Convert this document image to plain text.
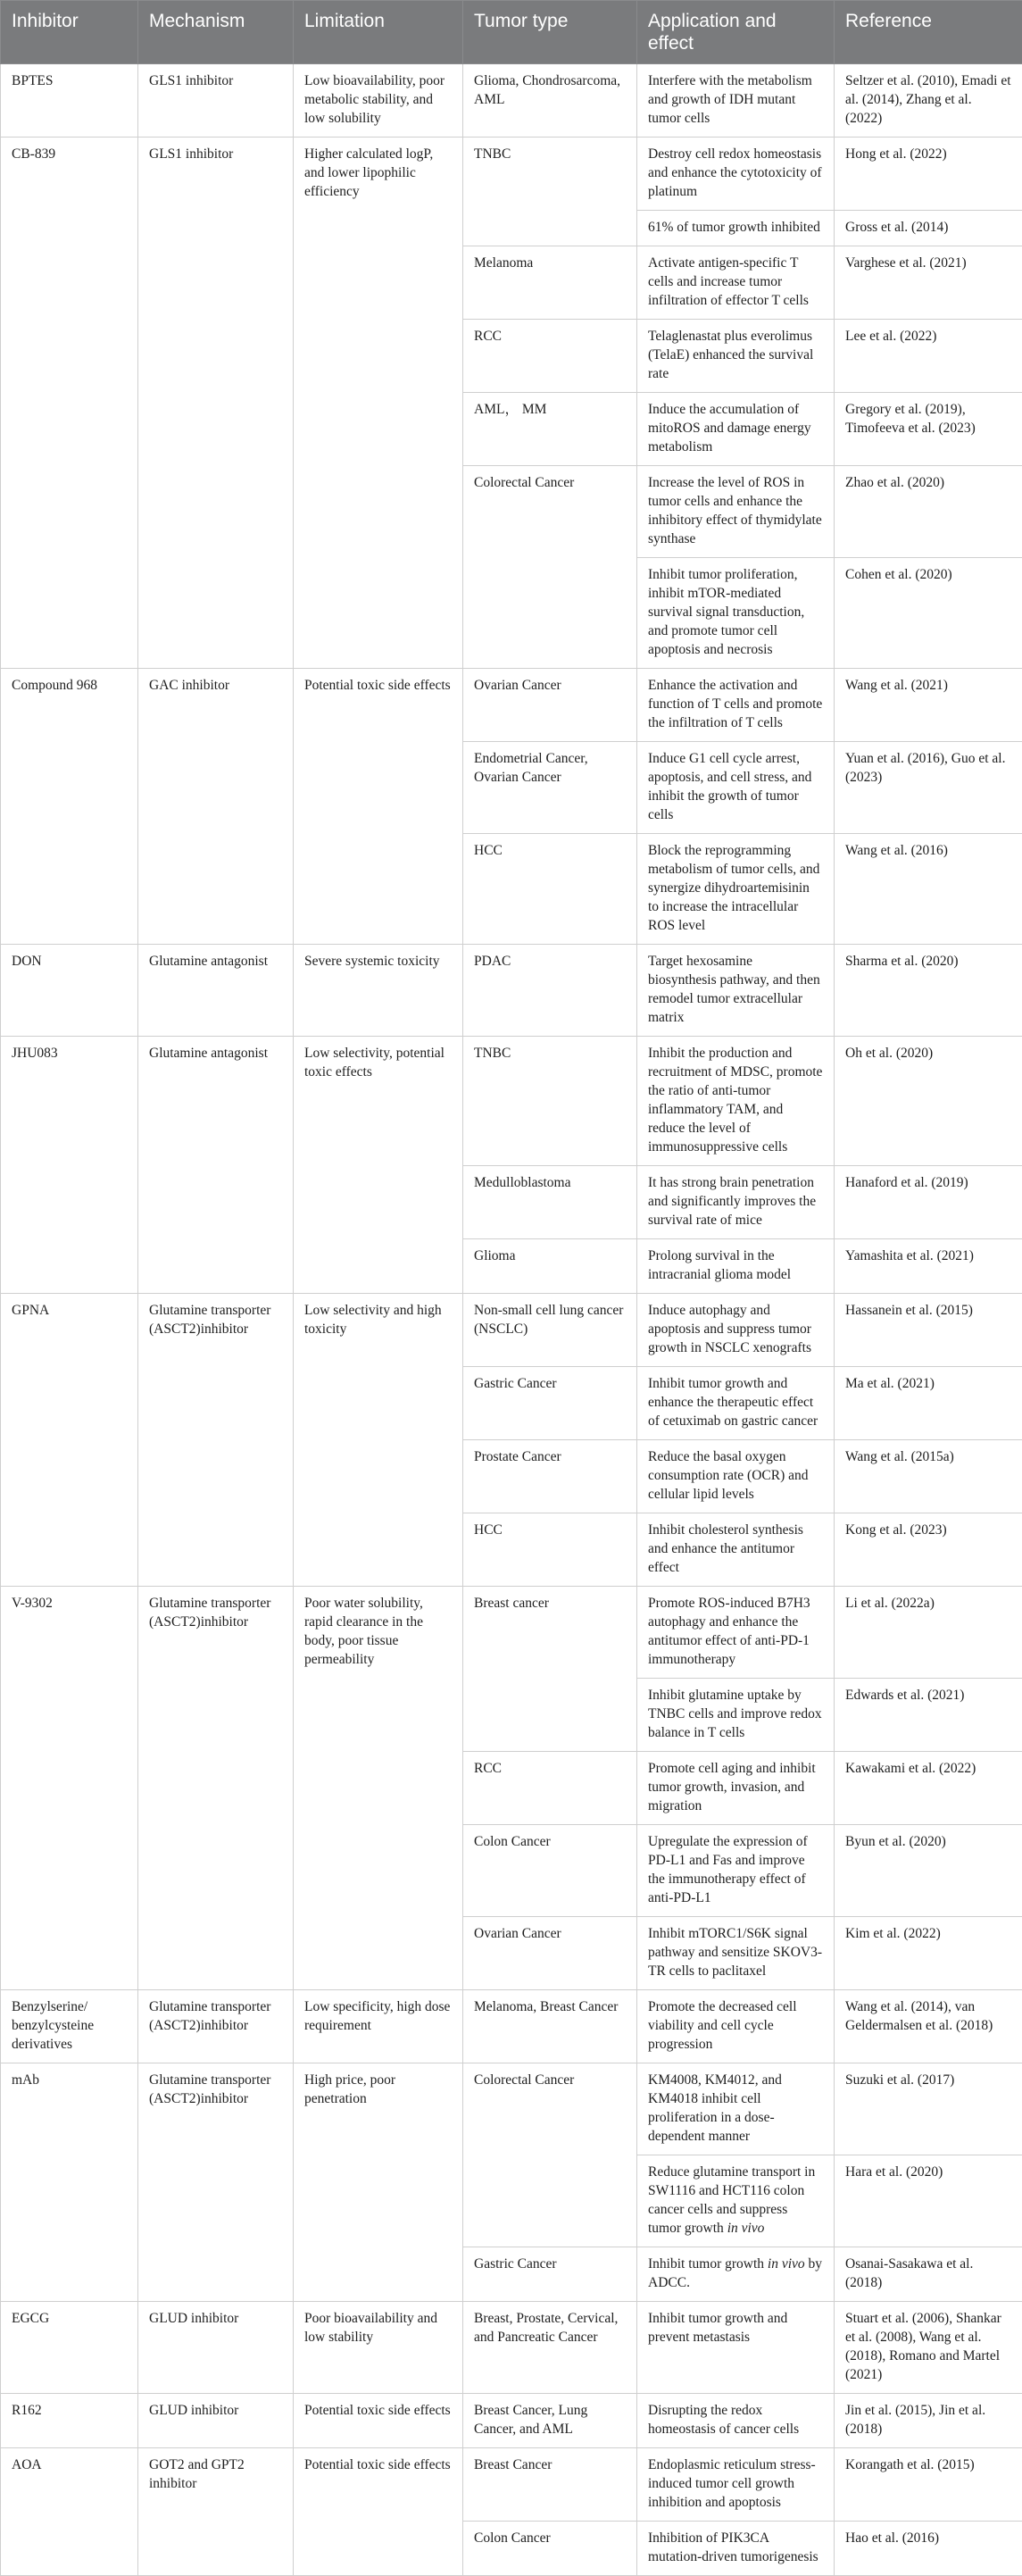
Inhibitor	Mechanism	Limitation	Tumor type	Application and effect	Reference
BPTES	GLS1 inhibitor	Low bioavailability, poor metabolic stability, and low solubility	Glioma, Chondrosarcoma, AML	Interfere with the metabolism and growth of IDH mutant tumor cells	Seltzer et al. (2010), Emadi et al. (2014), Zhang et al. (2022)
CB-839	GLS1 inhibitor	Higher calculated logP, and lower lipophilic efficiency	TNBC	Destroy cell redox homeostasis and enhance the cytotoxicity of platinum	Hong et al. (2022)
				61% of tumor growth inhibited	Gross et al. (2014)
			Melanoma	Activate antigen-specific T cells and increase tumor infiltration of effector T cells	Varghese et al. (2021)
			RCC	Telaglenastat plus everolimus (TelaE) enhanced the survival rate	Lee et al. (2022)
			AML， MM	Induce the accumulation of mitoROS and damage energy metabolism	Gregory et al. (2019), Timofeeva et al. (2023)
			Colorectal Cancer	Increase the level of ROS in tumor cells and enhance the inhibitory effect of thymidylate synthase	Zhao et al. (2020)
				Inhibit tumor proliferation, inhibit mTOR-mediated survival signal transduction, and promote tumor cell apoptosis and necrosis	Cohen et al. (2020)
Compound 968	GAC inhibitor	Potential toxic side effects	Ovarian Cancer	Enhance the activation and function of T cells and promote the infiltration of T cells	Wang et al. (2021)
			Endometrial Cancer, Ovarian Cancer	Induce G1 cell cycle arrest, apoptosis, and cell stress, and inhibit the growth of tumor cells	Yuan et al. (2016), Guo et al. (2023)
			HCC	Block the reprogramming metabolism of tumor cells, and synergize dihydroartemisinin to increase the intracellular ROS level	Wang et al. (2016)
DON	Glutamine antagonist	Severe systemic toxicity	PDAC	Target hexosamine biosynthesis pathway, and then remodel tumor extracellular matrix	Sharma et al. (2020)
JHU083	Glutamine antagonist	Low selectivity, potential toxic effects	TNBC	Inhibit the production and recruitment of MDSC, promote the ratio of anti-tumor inflammatory TAM, and reduce the level of immunosuppressive cells	Oh et al. (2020)
			Medulloblastoma	It has strong brain penetration and significantly improves the survival rate of mice	Hanaford et al. (2019)
			Glioma	Prolong survival in the intracranial glioma model	Yamashita et al. (2021)
GPNA	Glutamine transporter (ASCT2)inhibitor	Low selectivity and high toxicity	Non-small cell lung cancer (NSCLC)	Induce autophagy and apoptosis and suppress tumor growth in NSCLC xenografts	Hassanein et al. (2015)
			Gastric Cancer	Inhibit tumor growth and enhance the therapeutic effect of cetuximab on gastric cancer	Ma et al. (2021)
			Prostate Cancer	Reduce the basal oxygen consumption rate (OCR) and cellular lipid levels	Wang et al. (2015a)
			HCC	Inhibit cholesterol synthesis and enhance the antitumor effect	Kong et al. (2023)
V-9302	Glutamine transporter (ASCT2)inhibitor	Poor water solubility, rapid clearance in the body, poor tissue permeability	Breast cancer	Promote ROS-induced B7H3 autophagy and enhance the antitumor effect of anti-PD-1 immunotherapy	Li et al. (2022a)
				Inhibit glutamine uptake by TNBC cells and improve redox balance in T cells	Edwards et al. (2021)
			RCC	Promote cell aging and inhibit tumor growth, invasion, and migration	Kawakami et al. (2022)
			Colon Cancer	Upregulate the expression of PD-L1 and Fas and improve the immunotherapy effect of anti-PD-L1	Byun et al. (2020)
			Ovarian Cancer	Inhibit mTORC1/S6K signal pathway and sensitize SKOV3-TR cells to paclitaxel	Kim et al. (2022)
Benzylserine/ benzylcysteine derivatives	Glutamine transporter (ASCT2)inhibitor	Low specificity, high dose requirement	Melanoma, Breast Cancer	Promote the decreased cell viability and cell cycle progression	Wang et al. (2014), van Geldermalsen et al. (2018)
mAb	Glutamine transporter (ASCT2)inhibitor	High price, poor penetration	Colorectal Cancer	KM4008, KM4012, and KM4018 inhibit cell proliferation in a dose-dependent manner	Suzuki et al. (2017)
				Reduce glutamine transport in SW1116 and HCT116 colon cancer cells and suppress tumor growth in vivo	Hara et al. (2020)
			Gastric Cancer	Inhibit tumor growth in vivo by ADCC.	Osanai-Sasakawa et al. (2018)
EGCG	GLUD inhibitor	Poor bioavailability and low stability	Breast, Prostate, Cervical, and Pancreatic Cancer	Inhibit tumor growth and prevent metastasis	Stuart et al. (2006), Shankar et al. (2008), Wang et al. (2018), Romano and Martel (2021)
R162	GLUD inhibitor	Potential toxic side effects	Breast Cancer, Lung Cancer, and AML	Disrupting the redox homeostasis of cancer cells	Jin et al. (2015), Jin et al. (2018)
AOA	GOT2 and GPT2 inhibitor	Potential toxic side effects	Breast Cancer	Endoplasmic reticulum stress-induced tumor cell growth inhibition and apoptosis	Korangath et al. (2015)
			Colon Cancer	Inhibition of PIK3CA mutation-driven tumorigenesis	Hao et al. (2016)
